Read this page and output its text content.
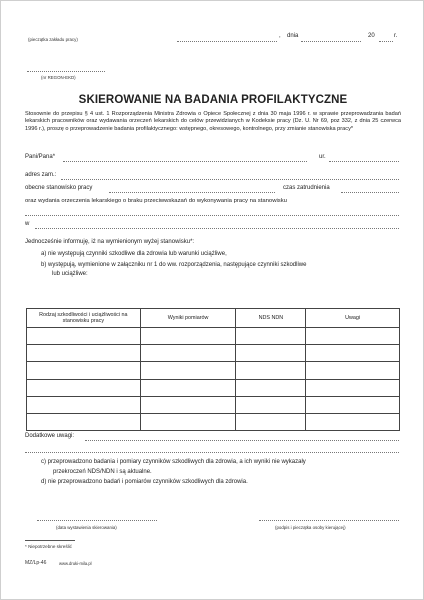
(pieczątka zakładu pracy)
, dnia	20	r.
(nr REGON-EKD)
SKIEROWANIE NA BADANIA PROFILAKTYCZNE
Stosownie do przepisu § 4 ust. 1 Rozporządzenia Ministra Zdrowia o Opiece Społecznej z dnia 30 maja 1996 r. w sprawie przeprowadzania badań lekarskich pracowników oraz wydawania orzeczeń lekarskich do celów przewidzianych w Kodeksie pracy (Dz. U. Nr 69, poz 332, z dnia 25 czerwca 1996 r.), proszę o przeprowadzenie badania profilaktycznego: wstępnego, okresowego, kontrolnego, przy zmianie stanowiska pracy*
Pani/Pana*	ur.
adres zam.:
obecne stanowisko pracy	czas zatrudnienia
oraz wydania orzeczenia lekarskiego o braku przeciwwskazań do wykonywania pracy na stanowisku
w
Jednocześnie informuję, iż na wymienionym wyżej stanowisku*:
a) nie występują czynniki szkodliwe dla zdrowia lub warunki uciążliwe,
b) występują, wymienione w załączniku nr 1 do ww. rozporządzenia, następujące czynniki szkodliwe
lub uciążliwe:
Rodzaj szkodliwości i uciążliwości na stanowisku pracy	Wyniki pomiarów	NDS NDN	Uwagi

Dodatkowe uwagi:
c) przeprowadzono badania i pomiary czynników szkodliwych dla zdrowia, a ich wyniki nie wykazały
przekroczeń NDS/NDN i są aktualne.
d) nie przeprowadzono badań i pomiarów czynników szkodliwych dla zdrowia.
(data wystawienia skierowania)	(podpis i pieczątka osoby kierującej)
* Niepotrzebne skreślić
MZ/Lp-46	www.druki-mila.pl
